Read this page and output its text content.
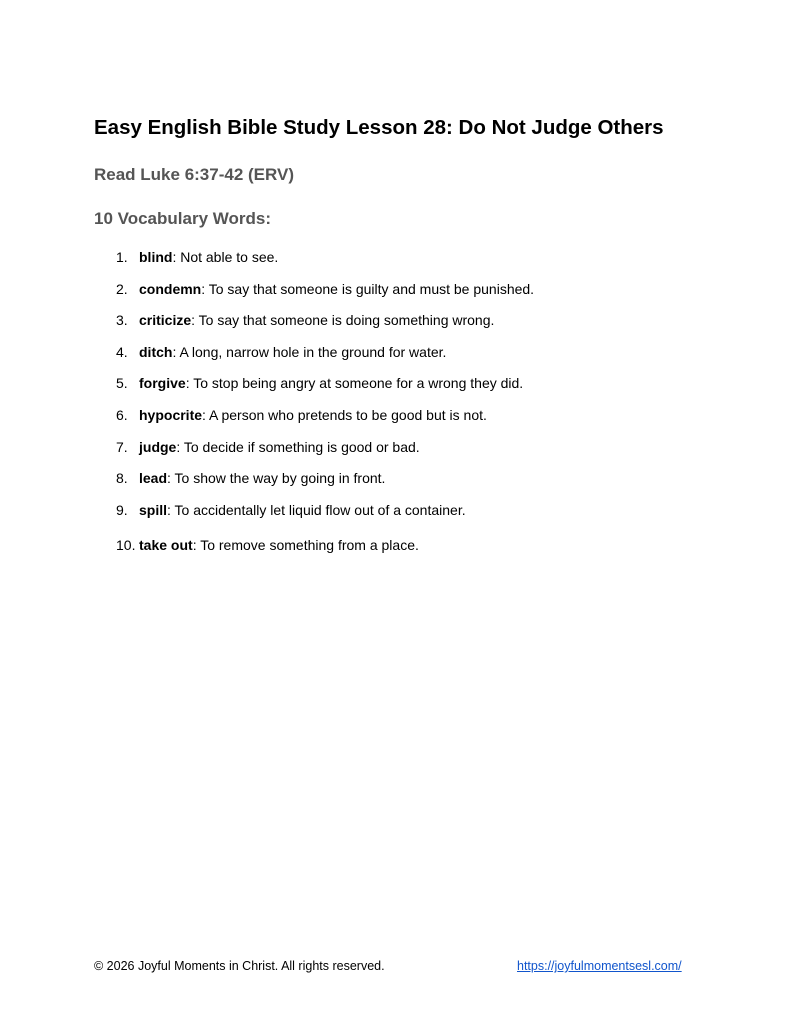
Easy English Bible Study Lesson 28: Do Not Judge Others
Read Luke 6:37-42 (ERV)
10 Vocabulary Words:
1. blind: Not able to see.
2. condemn: To say that someone is guilty and must be punished.
3. criticize: To say that someone is doing something wrong.
4. ditch: A long, narrow hole in the ground for water.
5. forgive: To stop being angry at someone for a wrong they did.
6. hypocrite: A person who pretends to be good but is not.
7. judge: To decide if something is good or bad.
8. lead: To show the way by going in front.
9. spill: To accidentally let liquid flow out of a container.
10. take out: To remove something from a place.
© 2026 Joyful Moments in Christ. All rights reserved.	https://joyfulmomentsesl.com/
